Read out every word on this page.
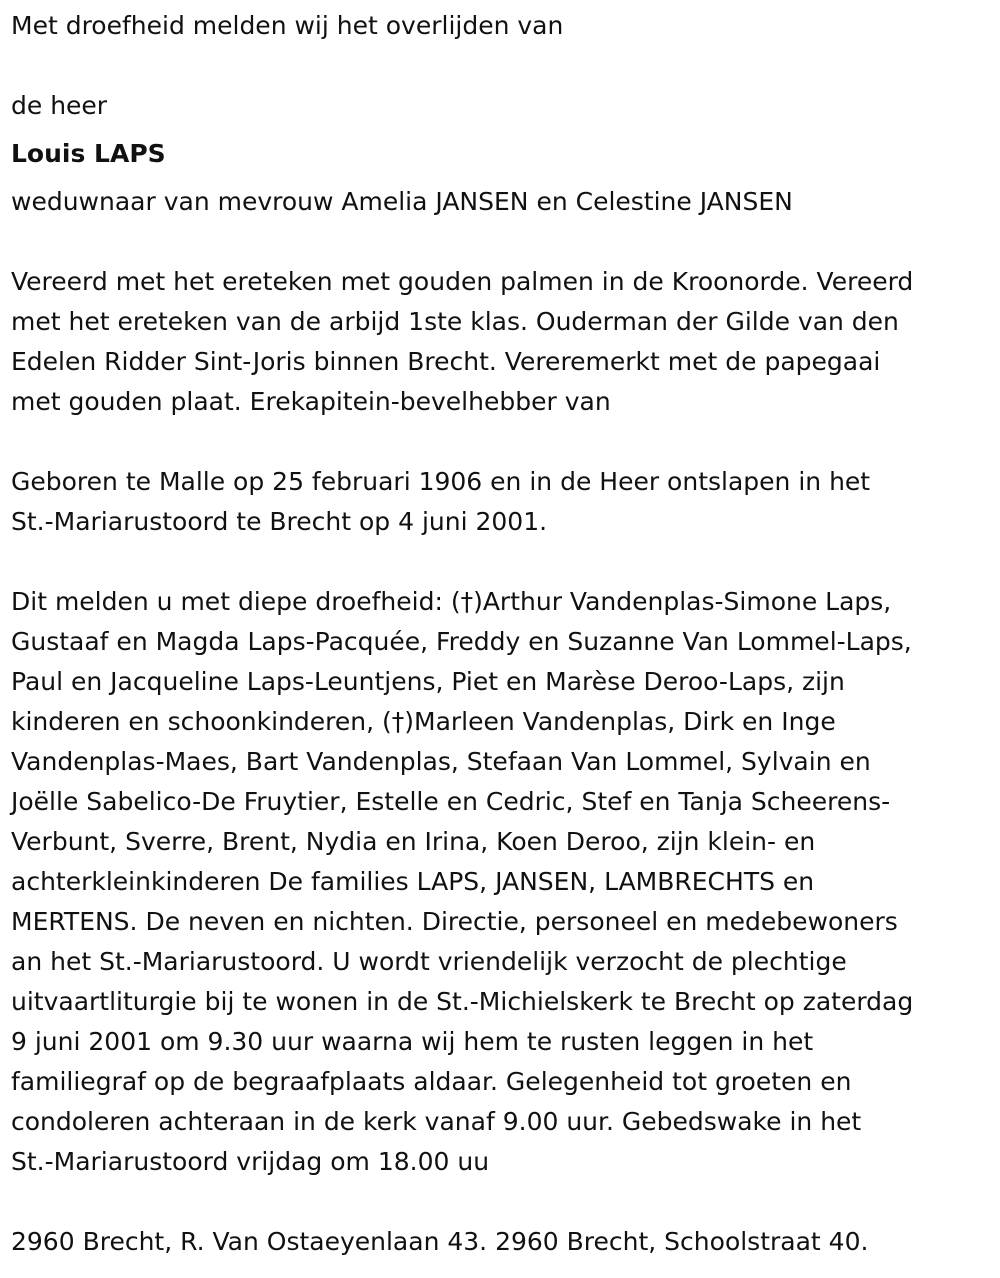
Met droefheid melden wij het overlijden van
de heer
Louis LAPS
weduwnaar van mevrouw Amelia JANSEN en Celestine JANSEN
Vereerd met het ereteken met gouden palmen in de Kroonorde. Vereerd
met het ereteken van de arbijd 1ste klas. Ouderman der Gilde van den
Edelen Ridder Sint-Joris binnen Brecht. Vereremerkt met de papegaai
met gouden plaat. Erekapitein-bevelhebber van
Geboren te Malle op 25 februari 1906 en in de Heer ontslapen in het
St.-Mariarustoord te Brecht op 4 juni 2001.
Dit melden u met diepe droefheid: (†)Arthur Vandenplas-Simone Laps,
Gustaaf en Magda Laps-Pacquée, Freddy en Suzanne Van Lommel-Laps,
Paul en Jacqueline Laps-Leuntjens, Piet en Marèse Deroo-Laps, zijn
kinderen en schoonkinderen, (†)Marleen Vandenplas, Dirk en Inge
Vandenplas-Maes, Bart Vandenplas, Stefaan Van Lommel, Sylvain en
Joëlle Sabelico-De Fruytier, Estelle en Cedric, Stef en Tanja Scheerens-
Verbunt, Sverre, Brent, Nydia en Irina, Koen Deroo, zijn klein- en
achterkleinkinderen De families LAPS, JANSEN, LAMBRECHTS en
MERTENS. De neven en nichten. Directie, personeel en medebewoners
an het St.-Mariarustoord. U wordt vriendelijk verzocht de plechtige
uitvaartliturgie bij te wonen in de St.-Michielskerk te Brecht op zaterdag
9 juni 2001 om 9.30 uur waarna wij hem te rusten leggen in het
familiegraf op de begraafplaats aldaar. Gelegenheid tot groeten en
condoleren achteraan in de kerk vanaf 9.00 uur. Gebedswake in het
St.-Mariarustoord vrijdag om 18.00 uu
2960 Brecht, R. Van Ostaeyenlaan 43. 2960 Brecht, Schoolstraat 40.
